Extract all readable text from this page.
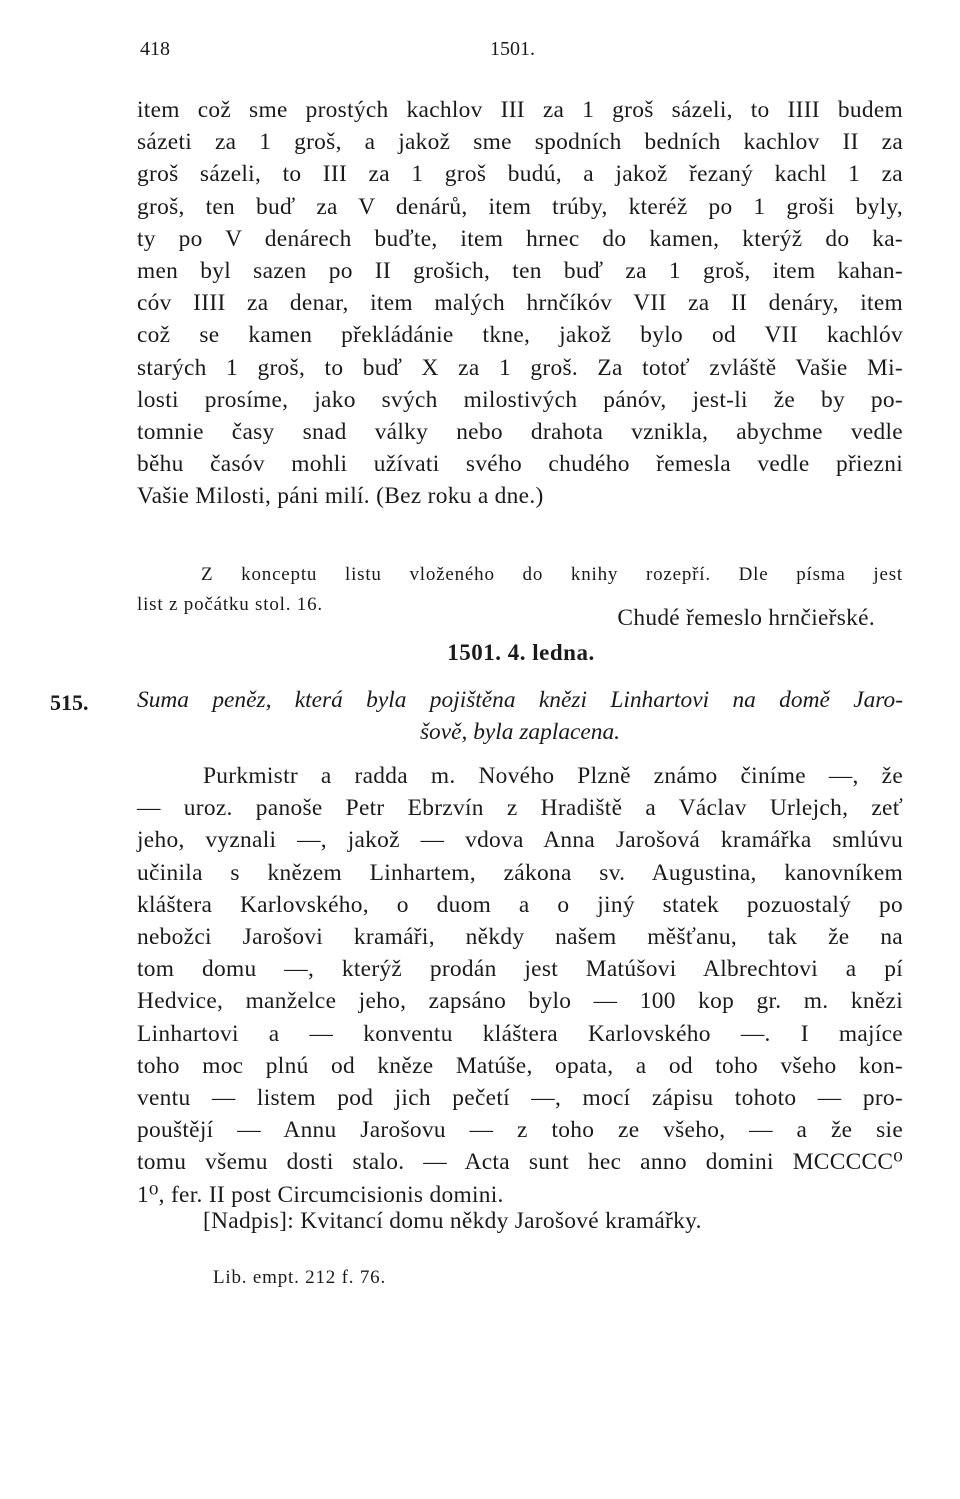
418	1501.
item což sme prostých kachlov III za 1 groš sázeli, to IIII budem
sázeti za 1 groš, a jakož sme spodních bedních kachlov II za
groš sázeli, to III za 1 groš budú, a jakož řezaný kachl 1 za
groš, ten buď za V denárů, item trúby, kteréž po 1 groši byly,
ty po V denárech buďte, item hrnec do kamen, kterýž do ka-
men byl sazen po II grošich, ten buď za 1 groš, item kahan-
cóv IIII za denar, item malých hrnčíkóv VII za II denáry, item
což se kamen překládánie tkne, jakož bylo od VII kachlóv
starých 1 groš, to buď X za 1 groš. Za totoť zvláště Vašie Mi-
losti prosíme, jako svých milostivých pánóv, jest-li že by po-
tomnie časy snad války nebo drahota vznikla, abychme vedle
běhu časóv mohli užívati svého chudého řemesla vedle přiezni
Vašie Milosti, páni milí. (Bez roku a dne.)
Chudé řemeslo hrnčieřské.
Z konceptu listu vloženého do knihy rozepří. Dle písma jest
list z počátku stol. 16.
1501. 4. ledna.
515. Suma peněz, která byla pojištěna knězi Linhartovi na domě Jaro-
šově, byla zaplacena.
Purkmistr a radda m. Nového Plzně známo činíme —, že
— uroz. panoše Petr Ebrzvín z Hradiště a Václav Urlejch, zeť
jeho, vyznali —, jakož — vdova Anna Jarošová kramářka smlúvu
učinila s knězem Linhartem, zákona sv. Augustina, kanovníkem
kláštera Karlovského, o duom a o jiný statek pozuostalý po
nebožci Jarošovi kramáři, někdy našem měšťanu, tak že na
tom domu —, kterýž prodán jest Matúšovi Albrechtovi a pí
Hedvice, manželce jeho, zapsáno bylo — 100 kop gr. m. knězi
Linhartovi a — konventu kláštera Karlovského —. I majíce
toho moc plnú od kněze Matúše, opata, a od toho všeho kon-
ventu — listem pod jich pečetí —, mocí zápisu tohoto — pro-
pouštějí — Annu Jarošovu — z toho ze všeho, — a že sie
tomu všemu dosti stalo. — Acta sunt hec anno domini MCCCCC⁰
1⁰, fer. II post Circumcisionis domini.
[Nadpis]: Kvitancí domu někdy Jarošové kramářky.
Lib. empt. 212 f. 76.
